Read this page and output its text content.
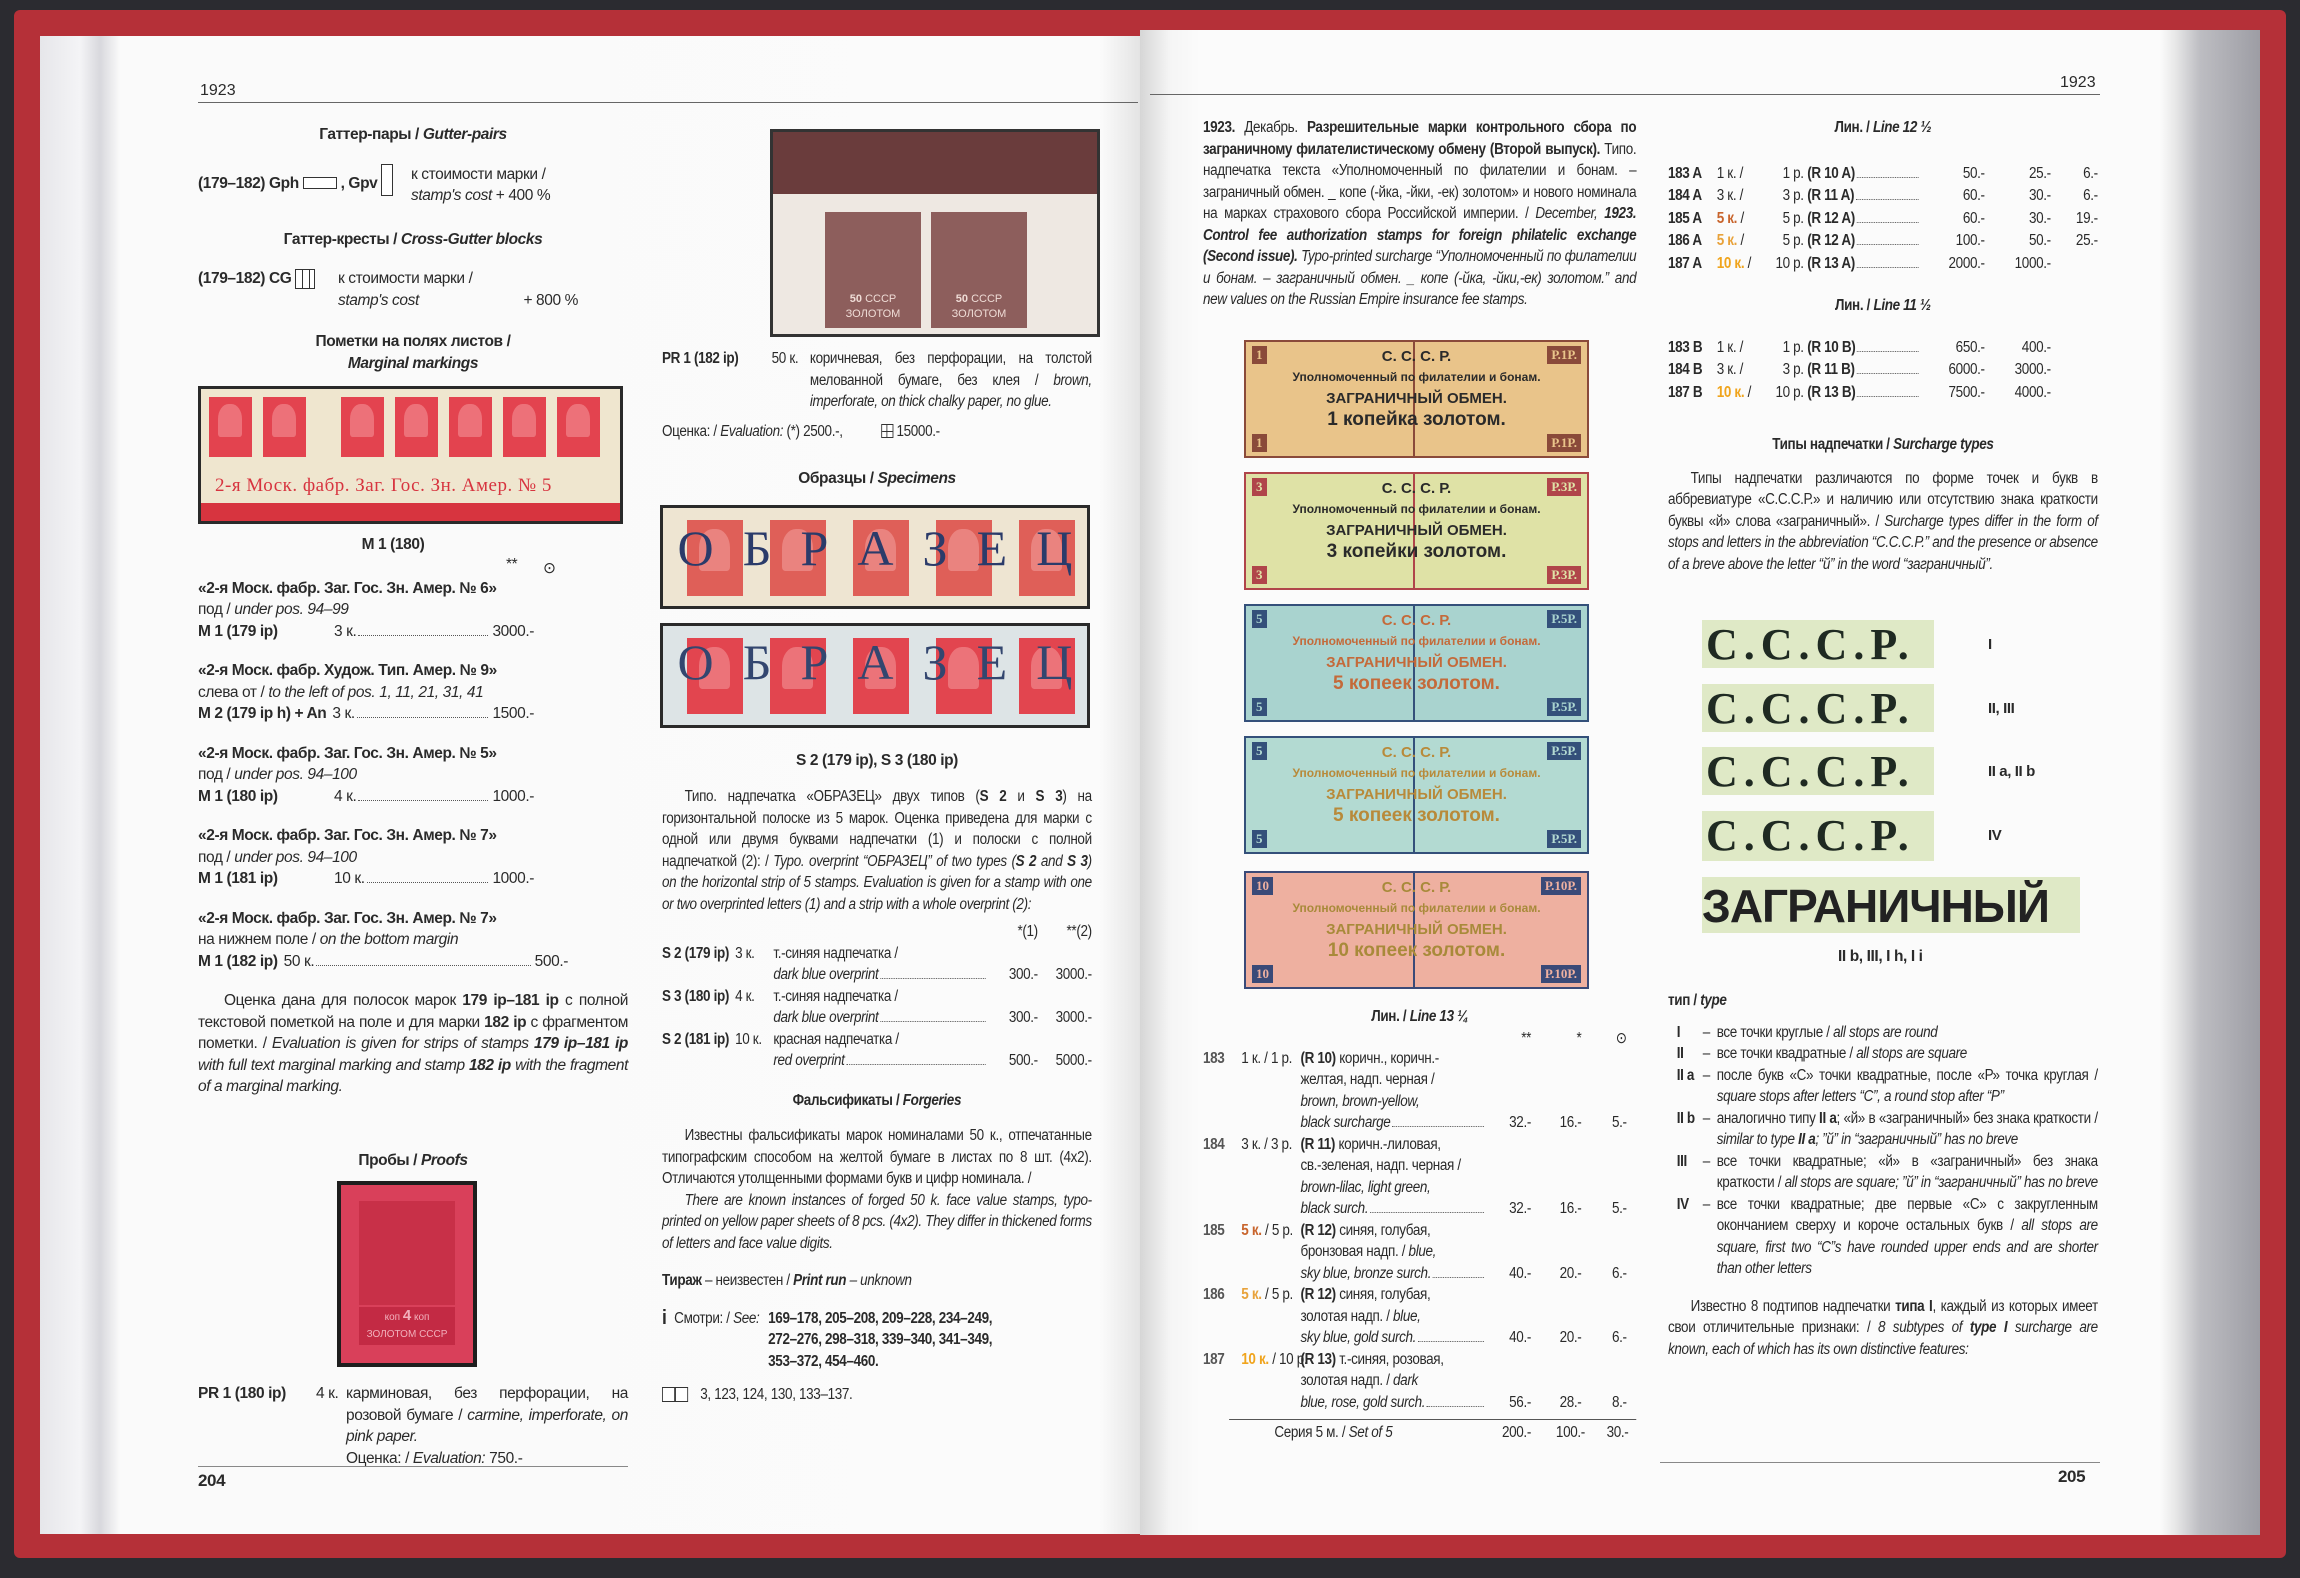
1923
Гаттер-пары / Gutter-pairs
(179–182) Gph	, Gpv
к стоимости марки /
stamp's cost + 400 %
Гаттер-кресты / Cross-Gutter blocks
(179–182) CG	к стоимости марки /
stamp's cost	+ 800 %
Пометки на полях листов /
Marginal markings
2-я Моск. фабр. Заг. Гос. Зн. Амер. № 5
M 1 (180)
** ⊙
«2-я Моск. фабр. Заг. Гос. Зн. Амер. № 6»
под / under pos. 94–99
M 1 (179 ip)	3 к.	3000.-
«2-я Моск. фабр. Худож. Тип. Амер. № 9»
слева от / to the left of pos. 1, 11, 21, 31, 41
M 2 (179 ip h) + An 3 к.	1500.-
«2-я Моск. фабр. Заг. Гос. Зн. Амер. № 5»
под / under pos. 94–100
M 1 (180 ip)	4 к.	1000.-
«2-я Моск. фабр. Заг. Гос. Зн. Амер. № 7»
под / under pos. 94–100
M 1 (181 ip)	10 к.	1000.-
«2-я Моск. фабр. Заг. Гос. Зн. Амер. № 7»
на нижнем поле / on the bottom margin
M 1 (182 ip) 50 к.	500.-
Оценка дана для полосок марок 179 ip–181 ip с полной текстовой пометкой на поле и для марки 182 ip с фрагментом пометки. / Evaluation is given for strips of stamps 179 ip–181 ip with full text marginal marking and stamp 182 ip with the fragment of a marginal marking.
Пробы / Proofs
коп 4 коп
ЗОЛОТОМ СССР
PR 1 (180 ip)	4 к. карминовая, без перфорации, на розовой бумаге / carmine, imperforate, on pink paper.
Оценка: / Evaluation: 750.-
204
50 СССР
ЗОЛОТОМ
50 СССР
ЗОЛОТОМ
PR 1 (182 ip)	50 к. коричневая, без перфорации, на толстой мелованной бумаге, без клея / brown, imperforate, on thick chalky paper, no glue.
Оценка: / Evaluation: (*) 2500.-,	15000.-
Образцы / Specimens
О Б Р А З Е Ц
О Б Р А З Е Ц
S 2 (179 ip), S 3 (180 ip)
Типо. надпечатка «ОБРАЗЕЦ» двух типов (S 2 и S 3) на горизонтальной полоске из 5 марок. Оценка приведена для марки с одной или двумя буквами надпечатки (1) и полоски с полной надпечаткой (2): / Typo. overprint “ОБРАЗЕЦ” of two types (S 2 and S 3) on the horizontal strip of 5 stamps. Evaluation is given for a stamp with one or two overprinted letters (1) and a strip with a whole overprint (2):
*(1)	**(2)
S 2 (179 ip) 3 к.	т.-синяя надпечатка /
dark blue overprint	300.-	3000.-
S 3 (180 ip) 4 к.	т.-синяя надпечатка /
dark blue overprint	300.-	3000.-
S 2 (181 ip) 10 к. красная надпечатка /
red overprint	500.-	5000.-
Фальсификаты / Forgeries
Известны фальсификаты марок номиналами 50 к., отпечатанные типографским способом на желтой бумаге в листах по 8 шт. (4x2). Отличаются утолщенными формами букв и цифр номинала. /
There are known instances of forged 50 k. face value stamps, typo-printed on yellow paper sheets of 8 pcs. (4x2). They differ in thickened forms of letters and face value digits.
Тираж – неизвестен / Print run – unknown
i Смотри: / See: 169–178, 205–208, 209–228, 234–249, 272–276, 298–318, 339–340, 341–349, 353–372, 454–460.
3, 123, 124, 130, 133–137.
1923
1923. Декабрь. Разрешительные марки контрольного сбора по заграничному филателистическому обмену (Второй выпуск). Типо. надпечатка текста «Уполномоченный по филателии и бонам. – заграничный обмен. _ копе (-йка, -йки, -ек) золотом» и нового номинала на марках страхового сбора Российской империи. / December, 1923. Control fee authorization stamps for foreign philatelic exchange (Second issue). Typo-printed surcharge “Уполномоченный по филателии и бонам. – заграничный обмен. _ копе (-йка, -йки,-ек) золотом.” and new values on the Russian Empire insurance fee stamps.
1
1
Р.1Р.
Р.1Р.
С. С. С. Р.
Уполномоченный по филателии и бонам.
ЗАГРАНИЧНЫЙ ОБМЕН.
1 копейка золотом.
3
3
Р.3Р.
Р.3Р.
С. С. С. Р.
Уполномоченный по филателии и бонам.
ЗАГРАНИЧНЫЙ ОБМЕН.
3 копейки золотом.
5
5
Р.5Р.
Р.5Р.
С. С. С. Р.
Уполномоченный по филателии и бонам.
ЗАГРАНИЧНЫЙ ОБМЕН.
5 копеек золотом.
5
5
Р.5Р.
Р.5Р.
С. С. С. Р.
Уполномоченный по филателии и бонам.
ЗАГРАНИЧНЫЙ ОБМЕН.
5 копеек золотом.
10
10
Р.10Р.
Р.10Р.
С. С. С. Р.
Уполномоченный по филателии и бонам.
ЗАГРАНИЧНЫЙ ОБМЕН.
10 копеек золотом.
Лин. / Line 13 ¼
**	*	⊙
183	1 к. / 1 р. (R 10) коричн., коричн.-
желтая, надп. черная /
brown, brown-yellow,
black surcharge	32.-	16.-	5.-
184	3 к. / 3 р. (R 11) коричн.-лиловая,
св.-зеленая, надп. черная /
brown-lilac, light green,
black surch.	32.-	16.-	5.-
185	5 к. / 5 р. (R 12) синяя, голубая,
бронзовая надп. / blue,
sky blue, bronze surch.	40.-	20.-	6.-
186	5 к. / 5 р. (R 12) синяя, голубая,
золотая надп. / blue,
sky blue, gold surch.	40.-	20.-	6.-
187	10 к. / 10 р.
(R 13) т.-синяя, розовая,
золотая надп. / dark
blue, rose, gold surch.	56.-	28.-	8.-
Серия 5 м. / Set of 5	200.-	100.-	30.-
Лин. / Line 12 ½
183 A 1 к. /	1 р. (R 10 A)	50.-	25.-	6.-
184 A 3 к. /	3 р. (R 11 A)	60.-	30.-	6.-
185 A 5 к. /	5 р. (R 12 A)	60.-	30.-	19.-
186 A 5 к. /	5 р. (R 12 A)	100.-	50.-	25.-
187 A 10 к. /	10 р. (R 13 A)	2000.-	1000.-
Лин. / Line 11 ½
183 B 1 к. /	1 р. (R 10 B)	650.-	400.-
184 B 3 к. /	3 р. (R 11 B)	6000.-	3000.-
187 B 10 к. /	10 р. (R 13 B)	7500.-	4000.-
Типы надпечатки / Surcharge types
Типы надпечатки различаются по форме точек и букв в аббревиатуре «С.С.С.Р.» и наличию или отсутствию знака краткости буквы «й» слова «заграничный». / Surcharge types differ in the form of stops and letters in the abbreviation “C.C.C.P.” and the presence or absence of a breve above the letter “й” in the word “заграничный”.
С.С.С.Р.	I
С.С.С.Р.	II, III
С.С.С.Р.	II a, II b
С.С.С.Р.	IV
ЗАГРАНИЧНЫЙ
II b, III, I h, I i
тип / type
I	– все точки круглые / all stops are round
II	– все точки квадратные / all stops are square
II a – после букв «С» точки квадратные, после «Р» точка круглая / square stops after letters “C”, a round stop after “P”
II b – аналогично типу II a; «й» в «заграничный» без знака краткости / similar to type II a; ”й” in “заграничный” has no breve
III	– все точки квадратные; «й» в «заграничный» без знака краткости / all stops are square; ”й” in “заграничный” has no breve
IV – все точки квадратные; две первые «С» с закругленным окончанием сверху и короче остальных букв / all stops are square, first two “C”s have rounded upper ends and are shorter than other letters
Известно 8 подтипов надпечатки типа I, каждый из которых имеет свои отличительные признаки: / 8 subtypes of type I surcharge are known, each of which has its own distinctive features:
205
